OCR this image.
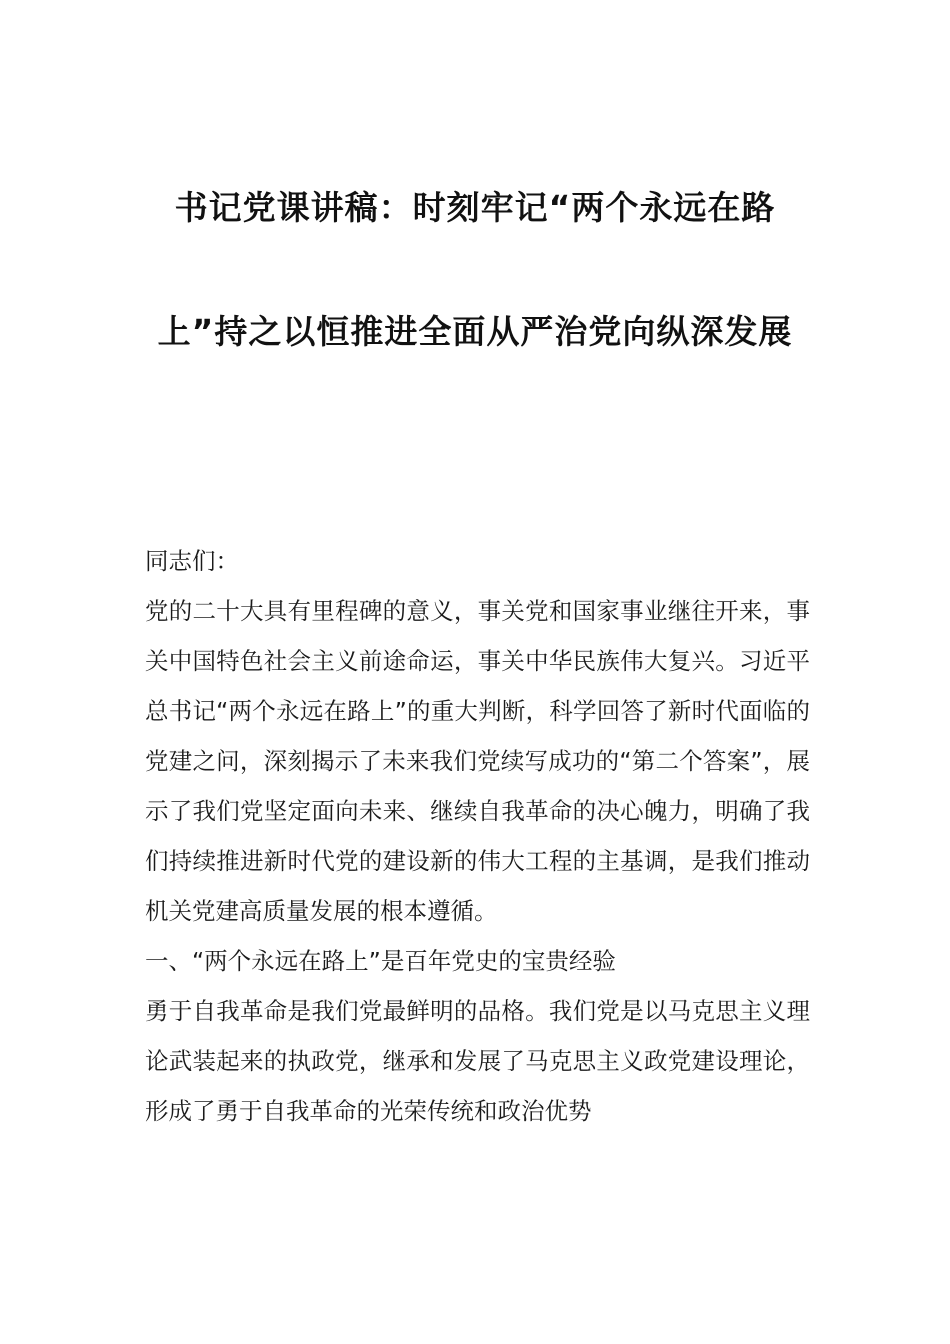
书记党课讲稿：时刻牢记“两个永远在路上”持之以恒推进全面从严治党向纵深发展

同志们：

党的二十大具有里程碑的意义，事关党和国家事业继往开来，事关中国特色社会主义前途命运，事关中华民族伟大复兴。习近平总书记“两个永远在路上”的重大判断，科学回答了新时代面临的党建之问，深刻揭示了未来我们党续写成功的“第二个答案”，展示了我们党坚定面向未来、继续自我革命的决心魄力，明确了我们持续推进新时代党的建设新的伟大工程的主基调，是我们推动机关党建高质量发展的根本遵循。

一、“两个永远在路上”是百年党史的宝贵经验

勇于自我革命是我们党最鲜明的品格。我们党是以马克思主义理论武装起来的执政党，继承和发展了马克思主义政党建设理论，形成了勇于自我革命的光荣传统和政治优势
